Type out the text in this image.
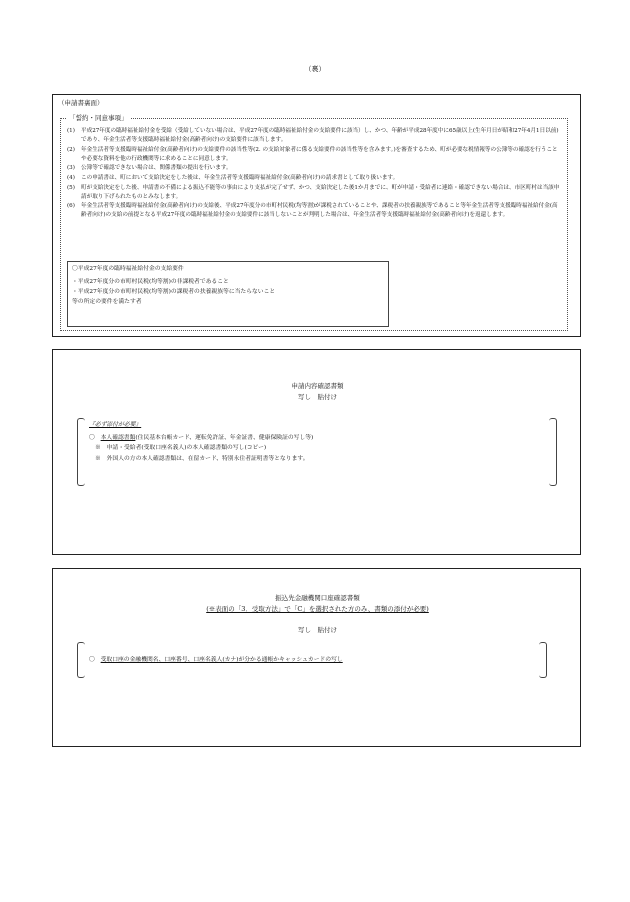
（裏）
（申請書裏面）
「誓約・同意事項」
(1)	平成27年度の臨時福祉給付金を受給（受給していない場合は、平成27年度の臨時福祉給付金の支給要件に該当）し、かつ、年齢が平成28年度中に65歳以上(生年月日が昭和27年4月1日以前)であり、年金生活者等支援臨時福祉給付金(高齢者向け)の支給要件に該当します。
(2)	年金生活者等支援臨時福祉給付金(高齢者向け)の支給要件の該当性等(2. の支給対象者に係る支給要件の該当性等を含みます。)を審査するため、町が必要な税情報等の公簿等の確認を行うことや必要な資料を他の行政機関等に求めることに同意します。
(3)	公簿等で確認できない場合は、関係書類の提出を行います。
(4)	この申請書は、町において支給決定をした後は、年金生活者等支援臨時福祉給付金(高齢者向け)の請求書として取り扱います。
(5)	町が支給決定をした後、申請書の不備による振込不能等の事由により支払が完了せず、かつ、支給決定した後1か月までに、町が申請・受給者に連絡・確認できない場合は、市区町村は当該申請が取り下げられたものとみなします。
(6)	年金生活者等支援臨時福祉給付金(高齢者向け)の支給後、平成27年度分の市町村民税(均等割)が課税されていることや、課税者の扶養親族等であること等年金生活者等支援臨時福祉給付金(高齢者向け)の支給の前提となる平成27年度の臨時福祉給付金の支給要件に該当しないことが判明した場合は、年金生活者等支援臨時福祉給付金(高齢者向け)を返還します。
〇平成27年度の臨時福祉給付金の支給要件
・平成27年度分の市町村民税(均等割)の非課税者であること
・平成27年度分の市町村民税(均等割)の課税者の扶養親族等に当たらないこと
等の所定の要件を満たす者
申請内容確認書類
写し　貼付け
『必ず添付が必要』
〇　本人確認書類(住民基本台帳カード、運転免許証、年金証書、健康保険証の写し等)
※　申請・受給者(受取口座名義人)の本人確認書類の写し(コピー)
※　外国人の方の本人確認書類は、在留カード、特別永住者証明書等となります。
振込先金融機関口座確認書類
(※表面の「3．受取方法」で「C」を選択された方のみ、書類の添付が必要)
写し　貼付け
〇　受取口座の金融機関名、口座番号、口座名義人(カナ)が分かる通帳かキャッシュカードの写し
